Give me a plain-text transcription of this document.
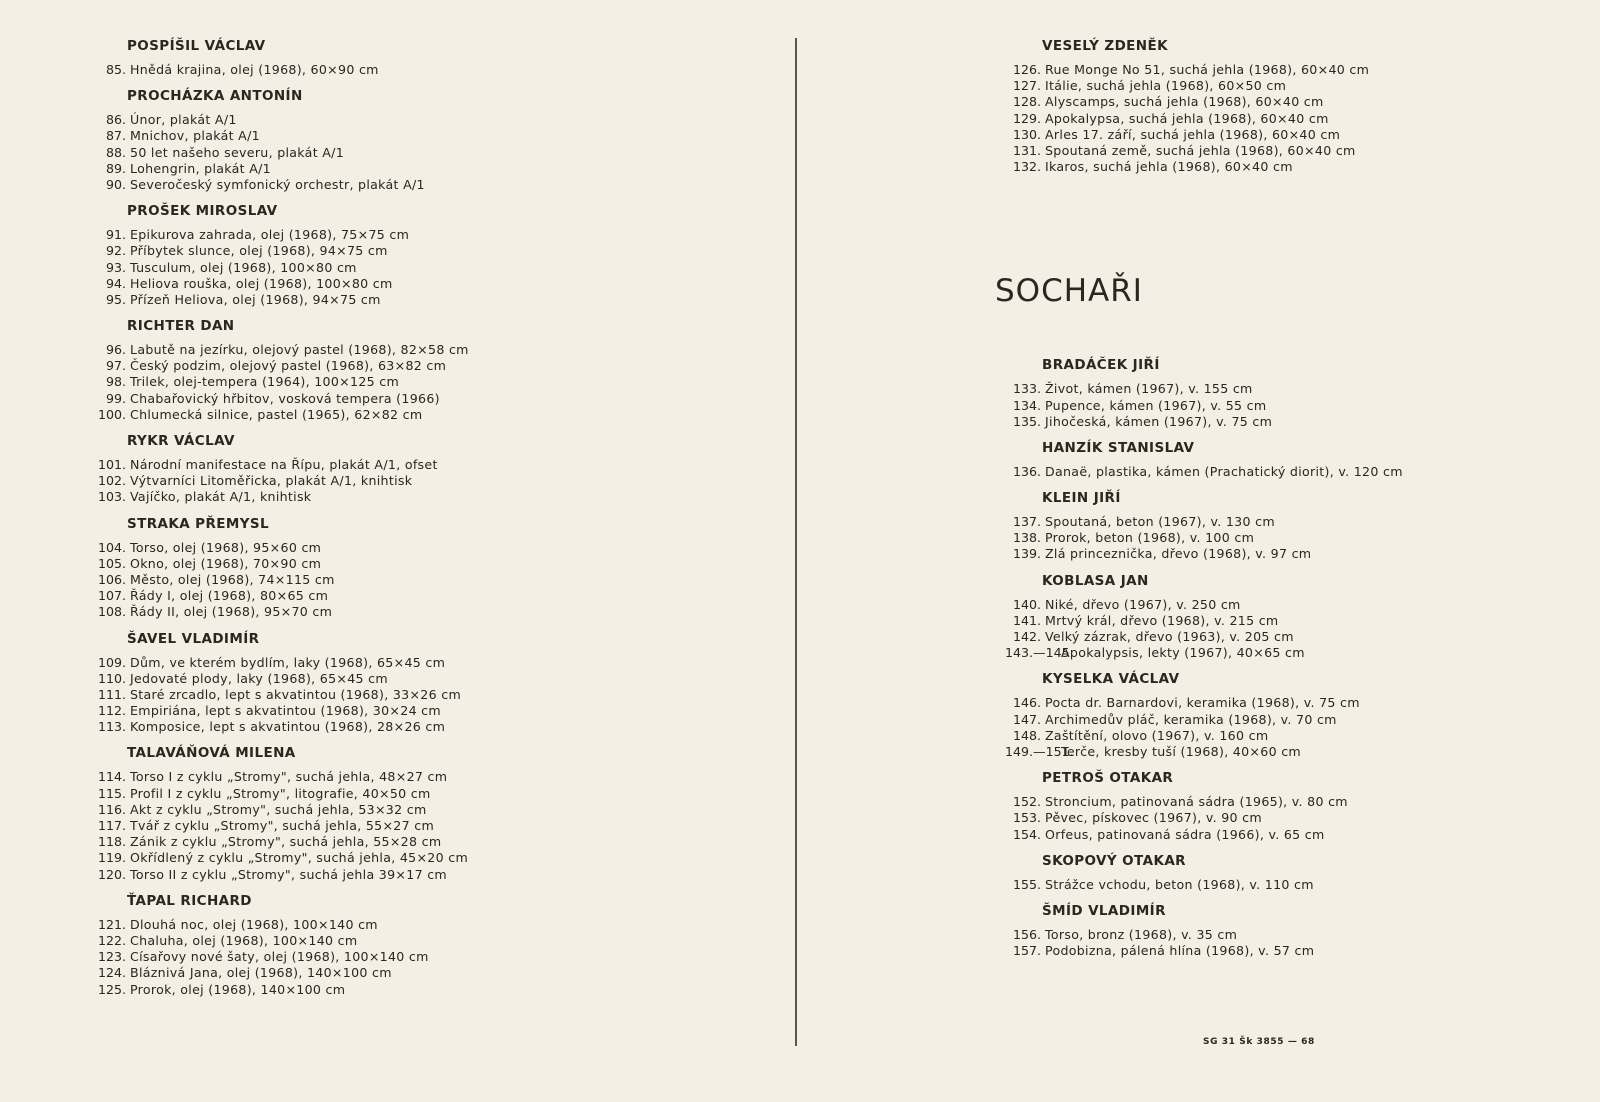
POSPÍŠIL VÁCLAV
85. Hnědá krajina, olej (1968), 60×90 cm
PROCHÁZKA ANTONÍN
86. Únor, plakát A/1
87. Mnichov, plakát A/1
88. 50 let našeho severu, plakát A/1
89. Lohengrin, plakát A/1
90. Severočeský symfonický orchestr, plakát A/1
PROŠEK MIROSLAV
91. Epikurova zahrada, olej (1968), 75×75 cm
92. Příbytek slunce, olej (1968), 94×75 cm
93. Tusculum, olej (1968), 100×80 cm
94. Heliova rouška, olej (1968), 100×80 cm
95. Přízeň Heliova, olej (1968), 94×75 cm
RICHTER DAN
96. Labutě na jezírku, olejový pastel (1968), 82×58 cm
97. Český podzim, olejový pastel (1968), 63×82 cm
98. Trilek, olej-tempera (1964), 100×125 cm
99. Chabařovický hřbitov, vosková tempera (1966)
100. Chlumecká silnice, pastel (1965), 62×82 cm
RYKR VÁCLAV
101. Národní manifestace na Řípu, plakát A/1, ofset
102. Výtvarníci Litoměřicka, plakát A/1, knihtisk
103. Vajíčko, plakát A/1, knihtisk
STRAKA PŘEMYSL
104. Torso, olej (1968), 95×60 cm
105. Okno, olej (1968), 70×90 cm
106. Město, olej (1968), 74×115 cm
107. Řády I, olej (1968), 80×65 cm
108. Řády II, olej (1968), 95×70 cm
ŠAVEL VLADIMÍR
109. Dům, ve kterém bydlím, laky (1968), 65×45 cm
110. Jedovaté plody, laky (1968), 65×45 cm
111. Staré zrcadlo, lept s akvatintou (1968), 33×26 cm
112. Empiriána, lept s akvatintou (1968), 30×24 cm
113. Komposice, lept s akvatintou (1968), 28×26 cm
TALAVÁŇOVÁ MILENA
114. Torso I z cyklu „Stromy", suchá jehla, 48×27 cm
115. Profil I z cyklu „Stromy", litografie, 40×50 cm
116. Akt z cyklu „Stromy", suchá jehla, 53×32 cm
117. Tvář z cyklu „Stromy", suchá jehla, 55×27 cm
118. Zánik z cyklu „Stromy", suchá jehla, 55×28 cm
119. Okřídlený z cyklu „Stromy", suchá jehla, 45×20 cm
120. Torso II z cyklu „Stromy", suchá jehla 39×17 cm
ŤAPAL RICHARD
121. Dlouhá noc, olej (1968), 100×140 cm
122. Chaluha, olej (1968), 100×140 cm
123. Císařovy nové šaty, olej (1968), 100×140 cm
124. Bláznivá Jana, olej (1968), 140×100 cm
125. Prorok, olej (1968), 140×100 cm
VESELÝ ZDENĚK
126. Rue Monge No 51, suchá jehla (1968), 60×40 cm
127. Itálie, suchá jehla (1968), 60×50 cm
128. Alyscamps, suchá jehla (1968), 60×40 cm
129. Apokalypsa, suchá jehla (1968), 60×40 cm
130. Arles 17. září, suchá jehla (1968), 60×40 cm
131. Spoutaná země, suchá jehla (1968), 60×40 cm
132. Ikaros, suchá jehla (1968), 60×40 cm
SOCHAŘI
BRADÁČEK JIŘÍ
133. Život, kámen (1967), v. 155 cm
134. Pupence, kámen (1967), v. 55 cm
135. Jihočeská, kámen (1967), v. 75 cm
HANZÍK STANISLAV
136. Danaë, plastika, kámen (Prachatický diorit), v. 120 cm
KLEIN JIŘÍ
137. Spoutaná, beton (1967), v. 130 cm
138. Prorok, beton (1968), v. 100 cm
139. Zlá princeznička, dřevo (1968), v. 97 cm
KOBLASA JAN
140. Niké, dřevo (1967), v. 250 cm
141. Mrtvý král, dřevo (1968), v. 215 cm
142. Velký zázrak, dřevo (1963), v. 205 cm
143.—145.
Apokalypsis, lekty (1967), 40×65 cm
KYSELKA VÁCLAV
146. Pocta dr. Barnardovi, keramika (1968), v. 75 cm
147. Archimedův pláč, keramika (1968), v. 70 cm
148. Zaštítění, olovo (1967), v. 160 cm
149.—151.
Terče, kresby tuší (1968), 40×60 cm
PETROŠ OTAKAR
152. Stroncium, patinovaná sádra (1965), v. 80 cm
153. Pěvec, pískovec (1967), v. 90 cm
154. Orfeus, patinovaná sádra (1966), v. 65 cm
SKOPOVÝ OTAKAR
155. Strážce vchodu, beton (1968), v. 110 cm
ŠMÍD VLADIMÍR
156. Torso, bronz (1968), v. 35 cm
157. Podobizna, pálená hlína (1968), v. 57 cm
SG 31 Šk 3855 — 68
